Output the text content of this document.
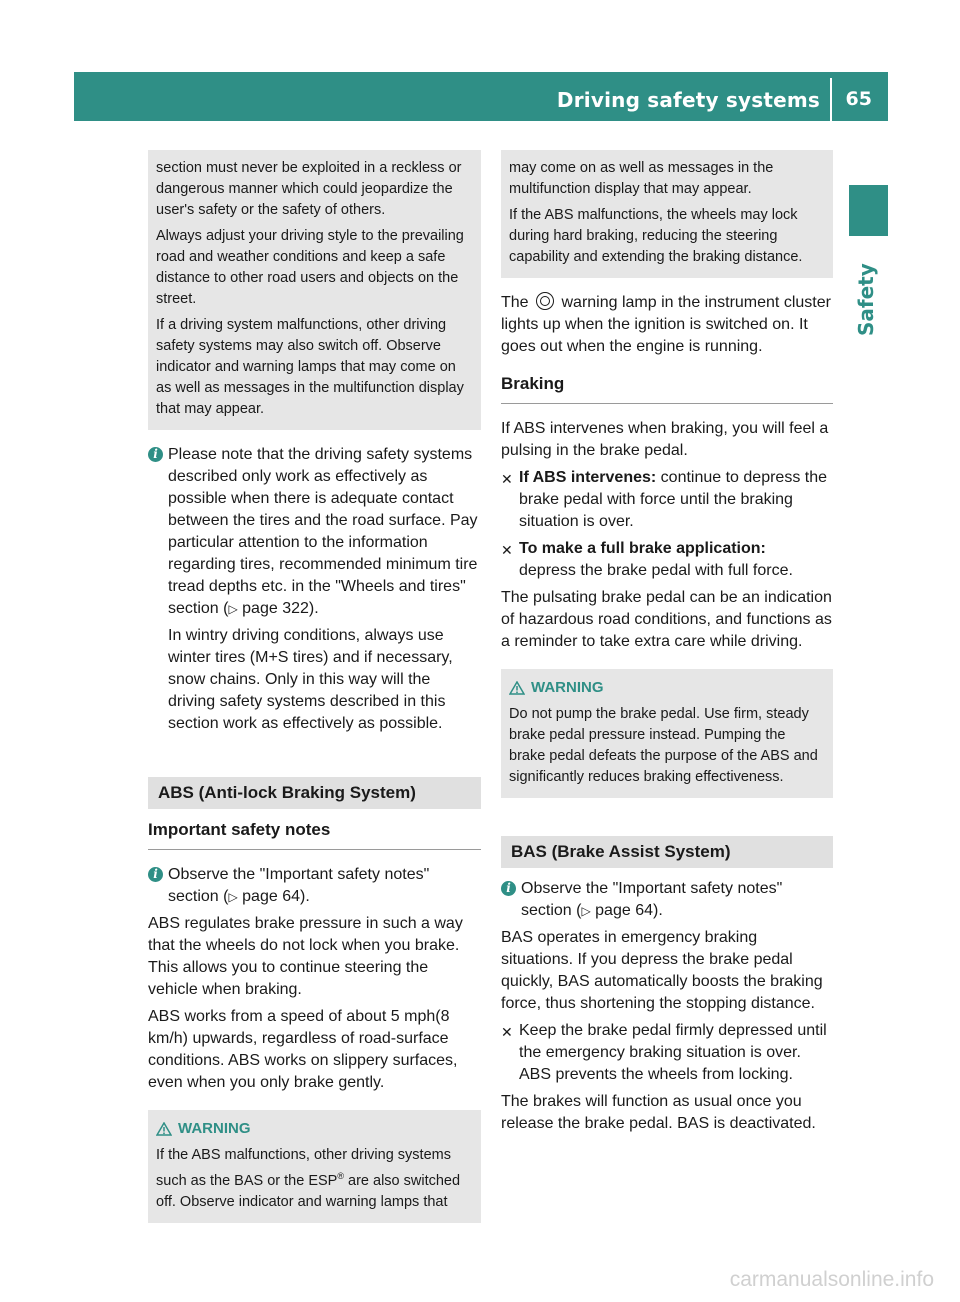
Driving safety systems 65
Safety

section must never be exploited in a reckless or dangerous manner which could jeopardize the user's safety or the safety of others.

Always adjust your driving style to the prevailing road and weather conditions and keep a safe distance to other road users and objects on the street.

If a driving system malfunctions, other driving safety systems may also switch off. Observe indicator and warning lamps that may come on as well as messages in the multifunction display that may appear.

i Please note that the driving safety systems described only work as effectively as possible when there is adequate contact between the tires and the road surface. Pay particular attention to the information regarding tires, recommended minimum tire tread depths etc. in the "Wheels and tires" section (▷ page 322).

In wintry driving conditions, always use winter tires (M+S tires) and if necessary, snow chains. Only in this way will the driving safety systems described in this section work as effectively as possible.

ABS (Anti-lock Braking System)
Important safety notes
i Observe the "Important safety notes" section (▷ page 64).

ABS regulates brake pressure in such a way that the wheels do not lock when you brake. This allows you to continue steering the vehicle when braking.

ABS works from a speed of about 5 mph(8 km/h) upwards, regardless of road-surface conditions. ABS works on slippery surfaces, even when you only brake gently.

WARNING

If the ABS malfunctions, other driving systems such as the BAS or the ESP® are also switched off. Observe indicator and warning lamps that

may come on as well as messages in the multifunction display that may appear.

If the ABS malfunctions, the wheels may lock during hard braking, reducing the steering capability and extending the braking distance.

The warning lamp in the instrument cluster lights up when the ignition is switched on. It goes out when the engine is running.

Braking

If ABS intervenes when braking, you will feel a pulsing in the brake pedal.

✕ If ABS intervenes: continue to depress the brake pedal with force until the braking situation is over.
✕ To make a full brake application:
depress the brake pedal with full force.

The pulsating brake pedal can be an indication of hazardous road conditions, and functions as a reminder to take extra care while driving.

WARNING

Do not pump the brake pedal. Use firm, steady brake pedal pressure instead. Pumping the brake pedal defeats the purpose of the ABS and significantly reduces braking effectiveness.

BAS (Brake Assist System)
i Observe the "Important safety notes" section (▷ page 64).

BAS operates in emergency braking situations. If you depress the brake pedal quickly, BAS automatically boosts the braking force, thus shortening the stopping distance.

✕ Keep the brake pedal firmly depressed until the emergency braking situation is over. ABS prevents the wheels from locking.

The brakes will function as usual once you release the brake pedal. BAS is deactivated.

carmanualsonline.info
